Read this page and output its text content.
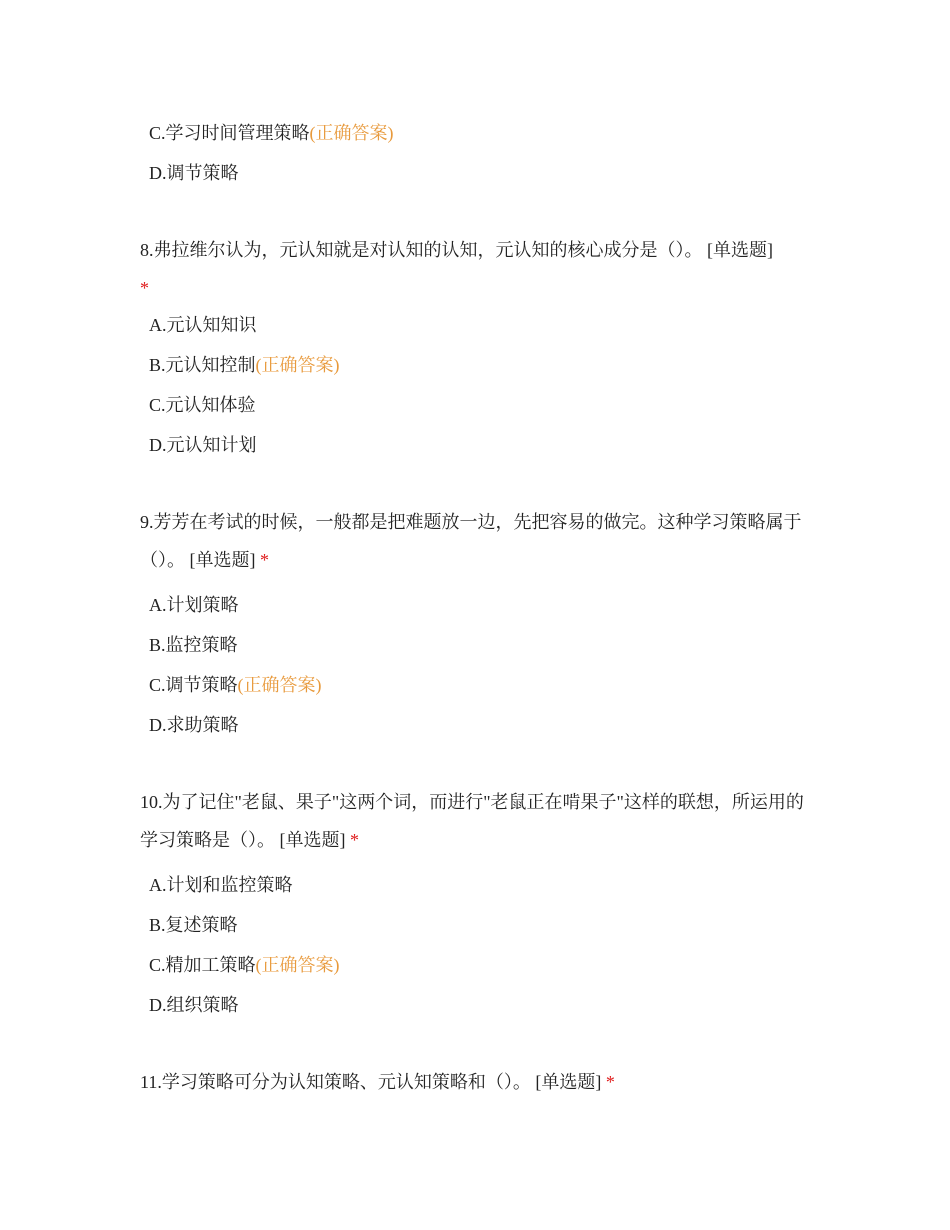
C.学习时间管理策略(正确答案)
D.调节策略
8.弗拉维尔认为，元认知就是对认知的认知，元认知的核心成分是（）。 [单选题]
*
A.元认知知识
B.元认知控制(正确答案)
C.元认知体验
D.元认知计划
9.芳芳在考试的时候，一般都是把难题放一边，先把容易的做完。这种学习策略属于（）。 [单选题] *
A.计划策略
B.监控策略
C.调节策略(正确答案)
D.求助策略
10.为了记住"老鼠、果子"这两个词，而进行"老鼠正在啃果子"这样的联想，所运用的学习策略是（）。 [单选题] *
A.计划和监控策略
B.复述策略
C.精加工策略(正确答案)
D.组织策略
11.学习策略可分为认知策略、元认知策略和（）。 [单选题] *
